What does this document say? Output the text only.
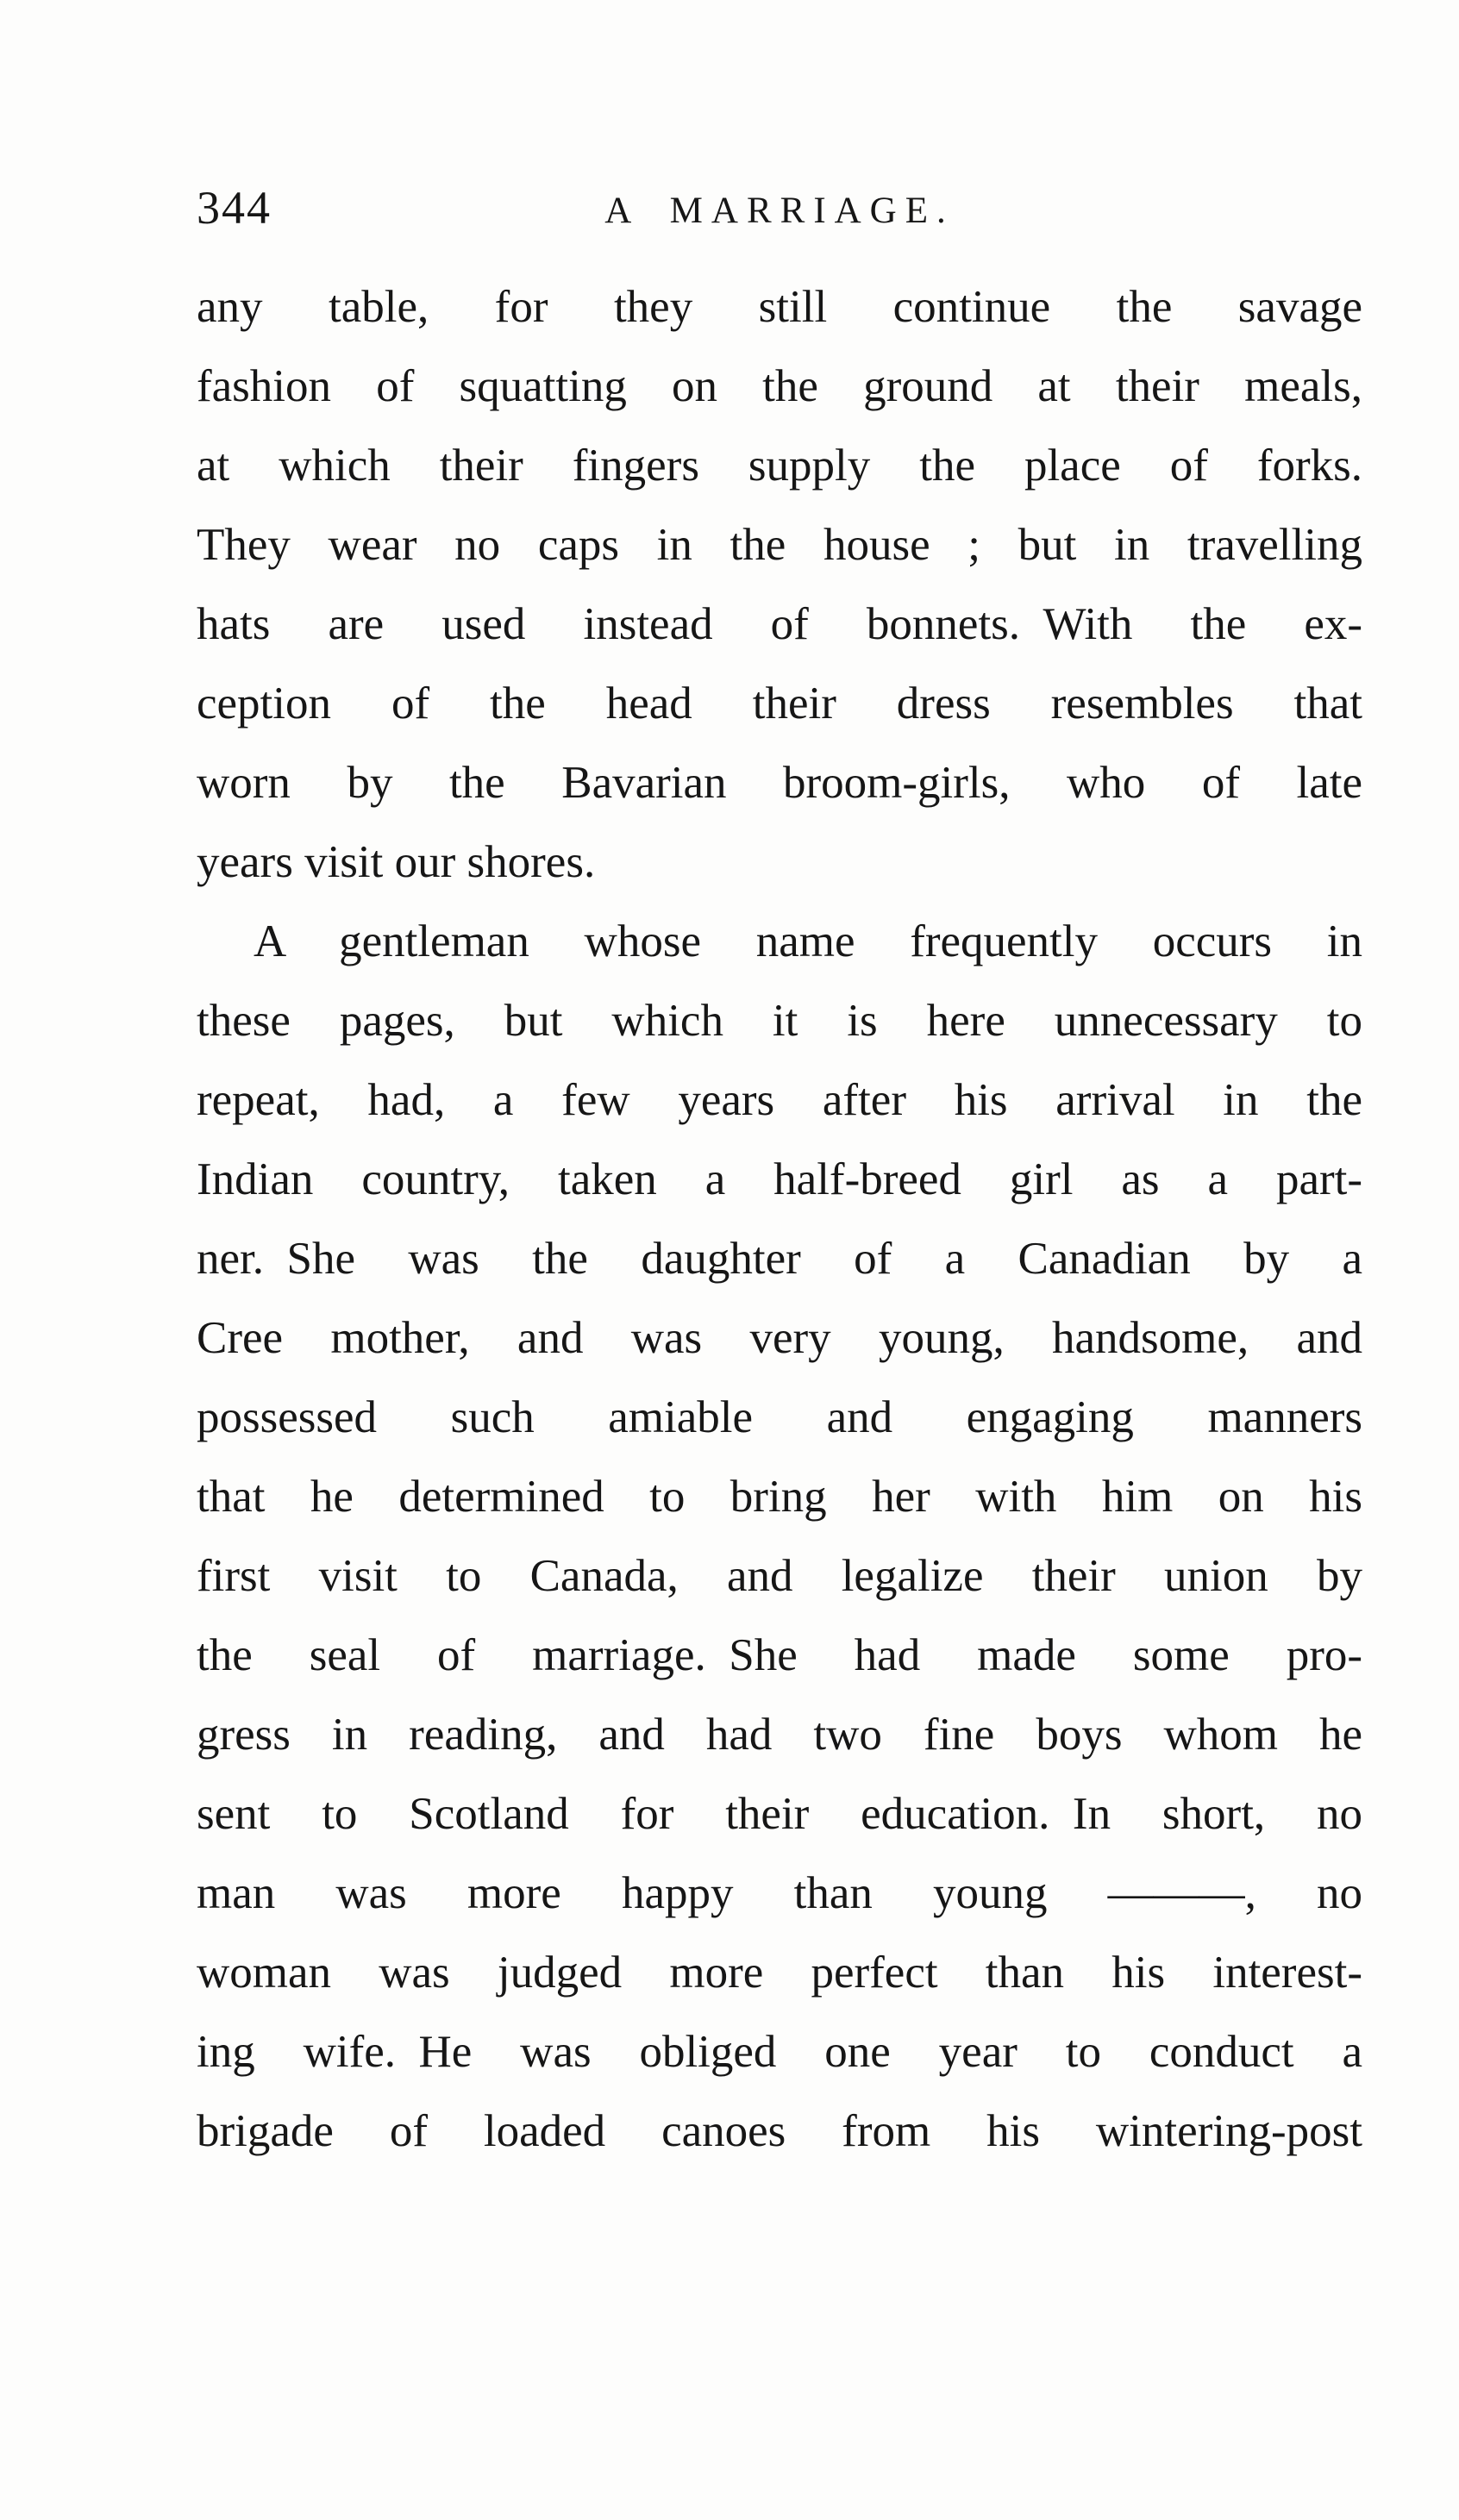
344	A MARRIAGE.
any table, for they still continue the savage
fashion of squatting on the ground at their meals,
at which their fingers supply the place of forks.
They wear no caps in the house ; but in travelling
hats are used instead of bonnets. With the ex-
ception of the head their dress resembles that
worn by the Bavarian broom-girls, who of late
years visit our shores.
A gentleman whose name frequently occurs in
these pages, but which it is here unnecessary to
repeat, had, a few years after his arrival in the
Indian country, taken a half-breed girl as a part-
ner. She was the daughter of a Canadian by a
Cree mother, and was very young, handsome, and
possessed such amiable and engaging manners
that he determined to bring her with him on his
first visit to Canada, and legalize their union by
the seal of marriage. She had made some pro-
gress in reading, and had two fine boys whom he
sent to Scotland for their education. In short, no
man was more happy than young ———, no
woman was judged more perfect than his interest-
ing wife. He was obliged one year to conduct a
brigade of loaded canoes from his wintering-post
